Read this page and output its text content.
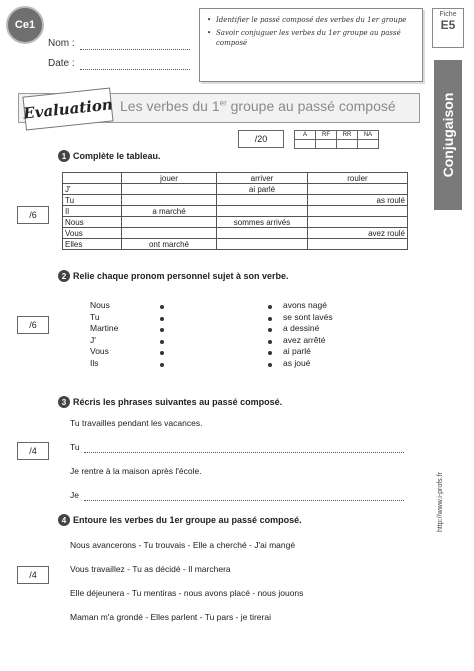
Ce1
Nom :
Date :
• Identifier le passé composé des verbes du 1er groupe
• Savoir conjuguer les verbes du 1er groupe au passé composé
Fiche
E5
Conjugaison
Evaluation Les verbes du 1er groupe au passé composé
/20	A	RF	RR	NA

1 Complète le tableau.
/6
	jouer	arriver	rouler
J'		ai parlé	
Tu			as roulé
Il	a marché		
Nous		sommes arrivés	
Vous			avez roulé
Elles	ont marché		
2 Relie chaque pronom personnel sujet à son verbe.
/6
Nous
Tu
Martine
J'
Vous
Ils
avons nagé
se sont lavés
a dessiné
avez arrêté
ai parlé
as joué
3 Récris les phrases suivantes au passé composé.
/4
Tu travailles pendant les vacances.
Tu
Je rentre à la maison après l'école.
Je
4 Entoure les verbes du 1er groupe au passé composé.
/4
Nous avancerons - Tu trouvais - Elle a cherché - J'ai mangé
Vous travaillez - Tu as décidé - Il marchera
Elle déjeunera - Tu mentiras - nous avons placé - nous jouons
Maman m'a grondé - Elles parlent - Tu pars - je tirerai
http://www.i-profs.fr
